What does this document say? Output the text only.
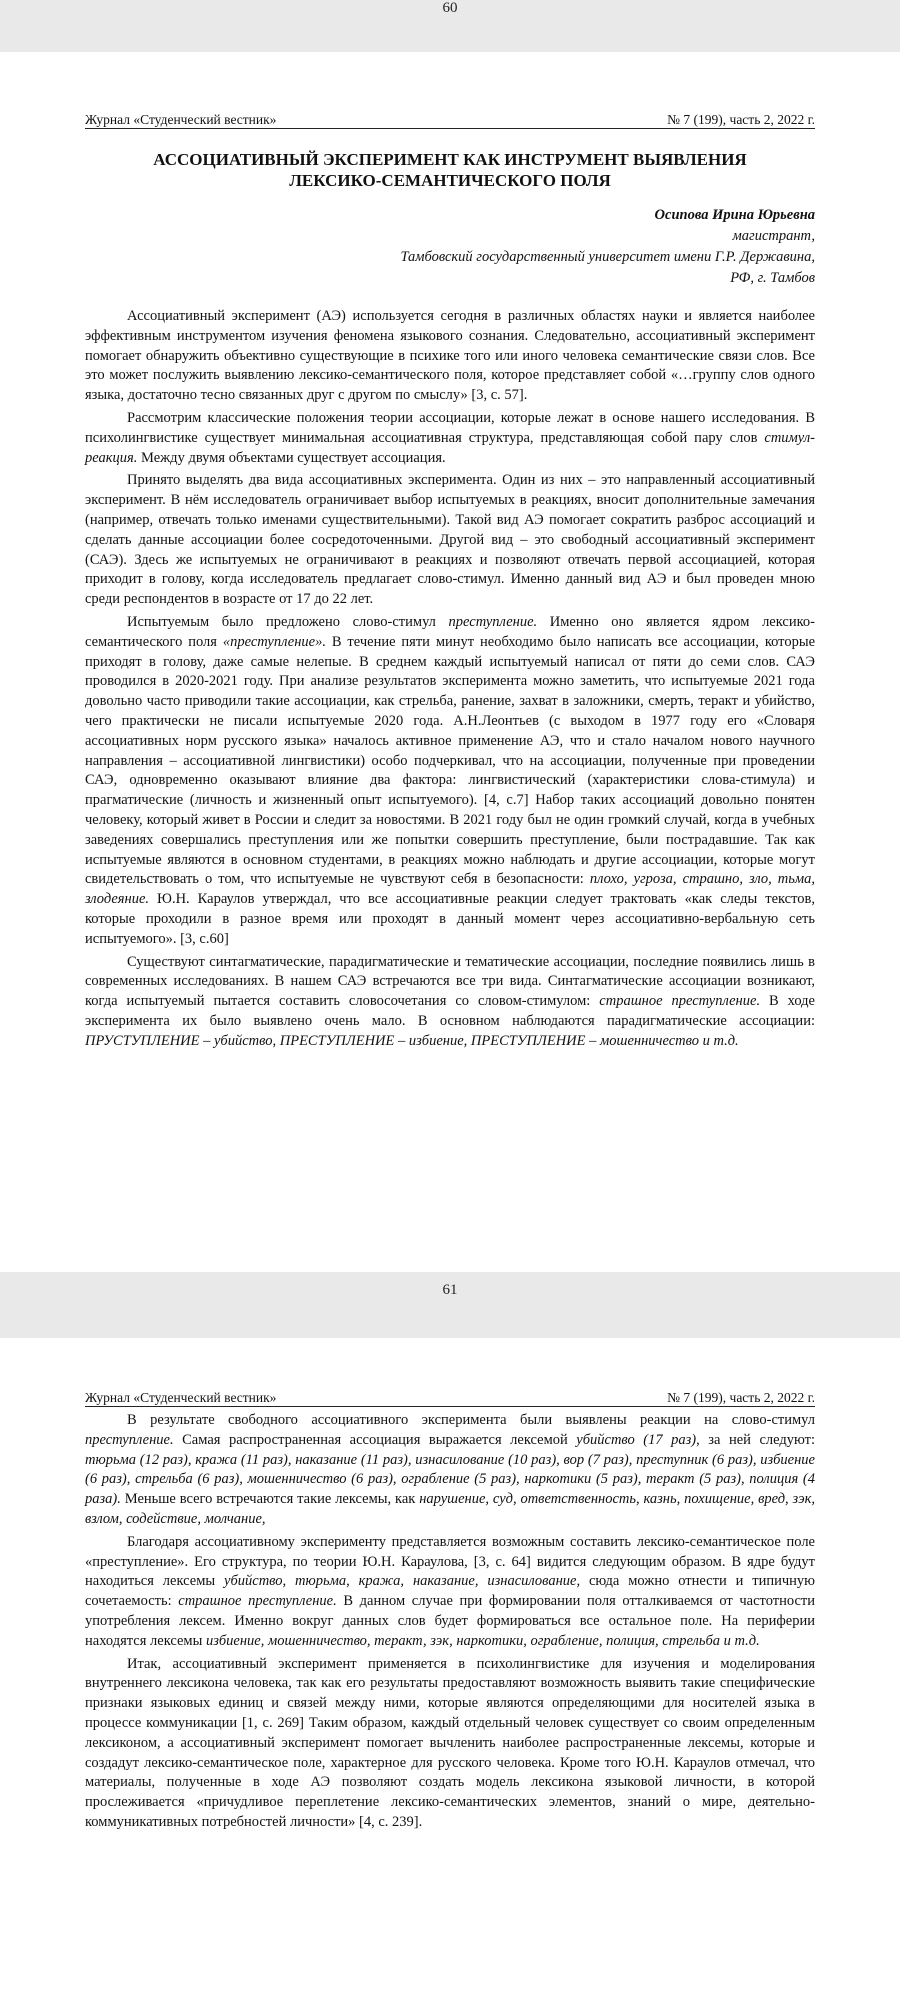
60
Журнал «Студенческий вестник»	№ 7 (199), часть 2, 2022 г.
АССОЦИАТИВНЫЙ ЭКСПЕРИМЕНТ КАК ИНСТРУМЕНТ ВЫЯВЛЕНИЯ
ЛЕКСИКО-СЕМАНТИЧЕСКОГО ПОЛЯ
Осипова Ирина Юрьевна
магистрант,
Тамбовский государственный университет имени Г.Р. Державина,
РФ, г. Тамбов

Ассоциативный эксперимент (АЭ) используется сегодня в различных областях науки и является наиболее эффективным инструментом изучения феномена языкового сознания. Следовательно, ассоциативный эксперимент помогает обнаружить объективно существующие в психике того или иного человека семантические связи слов. Все это может послужить выявлению лексико-семантического поля, которое представляет собой «…группу слов одного языка, достаточно тесно связанных друг с другом по смыслу» [3, с. 57].

Рассмотрим классические положения теории ассоциации, которые лежат в основе нашего исследования. В психолингвистике существует минимальная ассоциативная структура, представляющая собой пару слов стимул-реакция. Между двумя объектами существует ассоциация.

Принято выделять два вида ассоциативных эксперимента. Один из них – это направленный ассоциативный эксперимент. В нём исследователь ограничивает выбор испытуемых в реакциях, вносит дополнительные замечания (например, отвечать только именами существительными). Такой вид АЭ помогает сократить разброс ассоциаций и сделать данные ассоциации более сосредоточенными. Другой вид – это свободный ассоциативный эксперимент (САЭ). Здесь же испытуемых не ограничивают в реакциях и позволяют отвечать первой ассоциацией, которая приходит в голову, когда исследователь предлагает слово-стимул. Именно данный вид АЭ и был проведен мною среди респондентов в возрасте от 17 до 22 лет.

Испытуемым было предложено слово-стимул преступление. Именно оно является ядром лексико-семантического поля «преступление». В течение пяти минут необходимо было написать все ассоциации, которые приходят в голову, даже самые нелепые. В среднем каждый испытуемый написал от пяти до семи слов. САЭ проводился в 2020-2021 году. При анализе результатов эксперимента можно заметить, что испытуемые 2021 года довольно часто приводили такие ассоциации, как стрельба, ранение, захват в заложники, смерть, теракт и убийство, чего практически не писали испытуемые 2020 года. А.Н.Леонтьев (с выходом в 1977 году его «Словаря ассоциативных норм русского языка» началось активное применение АЭ, что и стало началом нового научного направления – ассоциативной лингвистики) особо подчеркивал, что на ассоциации, полученные при проведении САЭ, одновременно оказывают влияние два фактора: лингвистический (характеристики слова-стимула) и прагматические (личность и жизненный опыт испытуемого). [4, с.7] Набор таких ассоциаций довольно понятен человеку, который живет в России и следит за новостями. В 2021 году был не один громкий случай, когда в учебных заведениях совершались преступления или же попытки совершить преступление, были пострадавшие. Так как испытуемые являются в основном студентами, в реакциях можно наблюдать и другие ассоциации, которые могут свидетельствовать о том, что испытуемые не чувствуют себя в безопасности: плохо, угроза, страшно, зло, тьма, злодеяние. Ю.Н. Караулов утверждал, что все ассоциативные реакции следует трактовать «как следы текстов, которые проходили в разное время или проходят в данный момент через ассоциативно-вербальную сеть испытуемого». [3, с.60]

Существуют синтагматические, парадигматические и тематические ассоциации, последние появились лишь в современных исследованиях. В нашем САЭ встречаются все три вида. Синтагматические ассоциации возникают, когда испытуемый пытается составить словосочетания со словом-стимулом: страшное преступление. В ходе эксперимента их было выявлено очень мало. В основном наблюдаются парадигматические ассоциации: ПРУСТУПЛЕНИЕ – убийство, ПРЕСТУПЛЕНИЕ – избиение, ПРЕСТУПЛЕНИЕ – мошенничество и т.д.

61
Журнал «Студенческий вестник»	№ 7 (199), часть 2, 2022 г.

В результате свободного ассоциативного эксперимента были выявлены реакции на слово-стимул преступление. Самая распространенная ассоциация выражается лексемой убийство (17 раз), за ней следуют: тюрьма (12 раз), кража (11 раз), наказание (11 раз), изнасилование (10 раз), вор (7 раз), преступник (6 раз), избиение (6 раз), стрельба (6 раз), мошенничество (6 раз), ограбление (5 раз), наркотики (5 раз), теракт (5 раз), полиция (4 раза). Меньше всего встречаются такие лексемы, как нарушение, суд, ответственность, казнь, похищение, вред, зэк, взлом, содействие, молчание,

Благодаря ассоциативному эксперименту представляется возможным составить лексико-семантическое поле «преступление». Его структура, по теории Ю.Н. Караулова, [3, с. 64] видится следующим образом. В ядре будут находиться лексемы убийство, тюрьма, кража, наказание, изнасилование, сюда можно отнести и типичную сочетаемость: страшное преступление. В данном случае при формировании поля отталкиваемся от частотности употребления лексем. Именно вокруг данных слов будет формироваться все остальное поле. На периферии находятся лексемы избиение, мошенничество, теракт, зэк, наркотики, ограбление, полиция, стрельба и т.д.

Итак, ассоциативный эксперимент применяется в психолингвистике для изучения и моделирования внутреннего лексикона человека, так как его результаты предоставляют возможность выявить такие специфические признаки языковых единиц и связей между ними, которые являются определяющими для носителей языка в процессе коммуникации [1, с. 269] Таким образом, каждый отдельный человек существует со своим определенным лексиконом, а ассоциативный эксперимент помогает вычленить наиболее распространенные лексемы, которые и создадут лексико-семантическое поле, характерное для русского человека. Кроме того Ю.Н. Караулов отмечал, что материалы, полученные в ходе АЭ позволяют создать модель лексикона языковой личности, в которой прослеживается «причудливое переплетение лексико-семантических элементов, знаний о мире, деятельно-коммуникативных потребностей личности» [4, с. 239].
